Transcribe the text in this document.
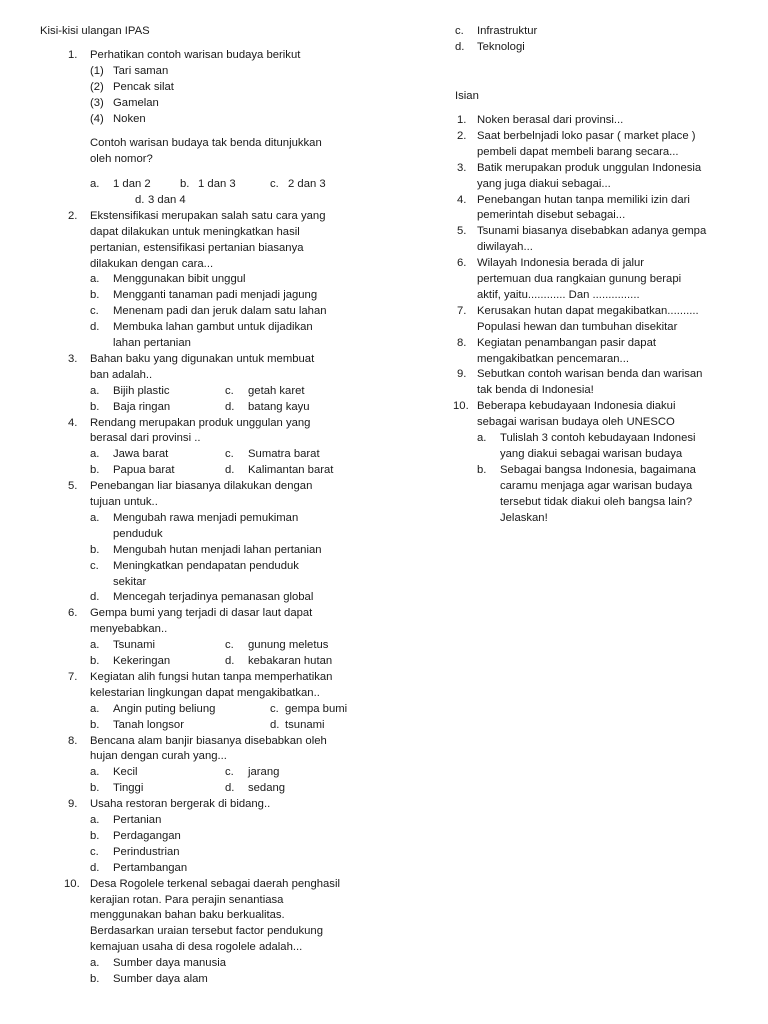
Kisi-kisi ulangan IPAS
1. Perhatikan contoh warisan budaya berikut
(1) Tari saman
(2) Pencak silat
(3) Gamelan
(4) Noken
Contoh warisan budaya tak benda ditunjukkan
oleh nomor?
a. 1 dan 2	b. 1 dan 3	c. 2 dan 3
d. 3 dan 4
2. Ekstensifikasi merupakan salah satu cara yang
dapat dilakukan untuk meningkatkan hasil
pertanian, estensifikasi pertanian biasanya
dilakukan dengan cara...
a. Menggunakan bibit unggul
b. Mengganti tanaman padi menjadi jagung
c. Menenam padi dan jeruk dalam satu lahan
d. Membuka lahan gambut untuk dijadikan
lahan pertanian
3. Bahan baku yang digunakan untuk membuat
ban adalah..
a. Bijih plastic	c. getah karet
b. Baja ringan	d. batang kayu
4. Rendang merupakan produk unggulan yang
berasal dari provinsi ..
a. Jawa barat	c. Sumatra barat
b. Papua barat	d. Kalimantan barat
5. Penebangan liar biasanya dilakukan dengan
tujuan untuk..
a. Mengubah rawa menjadi pemukiman
penduduk
b. Mengubah hutan menjadi lahan pertanian
c. Meningkatkan pendapatan penduduk
sekitar
d. Mencegah terjadinya pemanasan global
6. Gempa bumi yang terjadi di dasar laut dapat
menyebabkan..
a. Tsunami	c. gunung meletus
b. Kekeringan	d. kebakaran hutan
7. Kegiatan alih fungsi hutan tanpa memperhatikan
kelestarian lingkungan dapat mengakibatkan..
a. Angin puting beliung	c. gempa bumi
b. Tanah longsor	d. tsunami
8. Bencana alam banjir biasanya disebabkan oleh
hujan dengan curah yang...
a. Kecil	c. jarang
b. Tinggi	d. sedang
9. Usaha restoran bergerak di bidang..
a. Pertanian
b. Perdagangan
c. Perindustrian
d. Pertambangan
10. Desa Rogolele terkenal sebagai daerah penghasil
kerajian rotan. Para perajin senantiasa
menggunakan bahan baku berkualitas.
Berdasarkan uraian tersebut factor pendukung
kemajuan usaha di desa rogolele adalah...
a. Sumber daya manusia
b. Sumber daya alam
c. Infrastruktur
d. Teknologi
Isian
1. Noken berasal dari provinsi...
2. Saat berbelnjadi loko pasar ( market place )
pembeli dapat membeli barang secara...
3. Batik merupakan produk unggulan Indonesia
yang juga diakui sebagai...
4. Penebangan hutan tanpa memiliki izin dari
pemerintah disebut sebagai...
5. Tsunami biasanya disebabkan adanya gempa
diwilayah...
6. Wilayah Indonesia berada di jalur
pertemuan dua rangkaian gunung berapi
aktif, yaitu............ Dan ...............
7. Kerusakan hutan dapat megakibatkan..........
Populasi hewan dan tumbuhan disekitar
8. Kegiatan penambangan pasir dapat
mengakibatkan pencemaran...
9. Sebutkan contoh warisan benda dan warisan
tak benda di Indonesia!
10. Beberapa kebudayaan Indonesia diakui
sebagai warisan budaya oleh UNESCO
a. Tulislah 3 contoh kebudayaan Indonesi
yang diakui sebagai warisan budaya
b. Sebagai bangsa Indonesia, bagaimana
caramu menjaga agar warisan budaya
tersebut tidak diakui oleh bangsa lain?
Jelaskan!
